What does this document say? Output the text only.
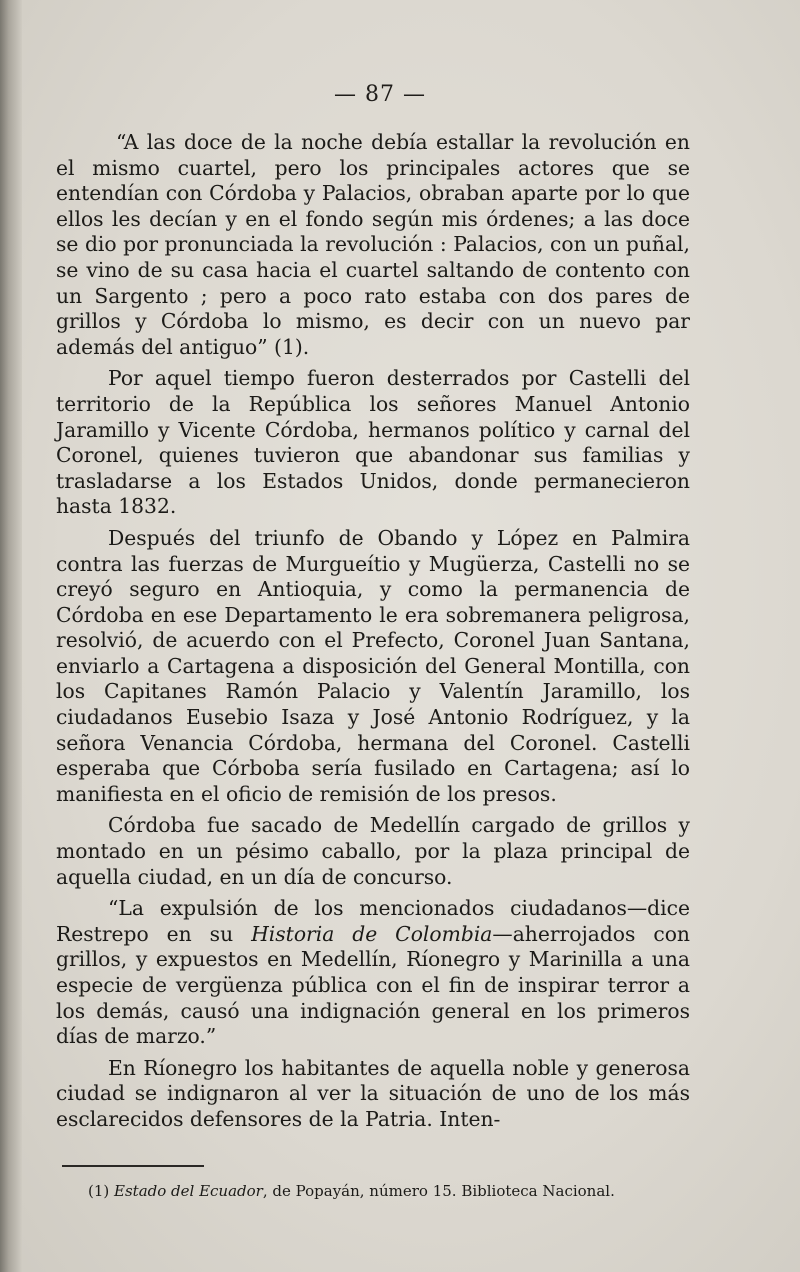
— 87 —

“A las doce de la noche debía estallar la revolución en el mismo cuartel, pero los principales actores que se entendían con Córdoba y Palacios, obraban aparte por lo que ellos les decían y en el fondo según mis órdenes; a las doce se dio por pronunciada la revolución : Palacios, con un puñal, se vino de su casa hacia el cuartel saltando de contento con un Sargento ; pero a poco rato estaba con dos pares de grillos y Córdoba lo mismo, es decir con un nuevo par además del antiguo” (1).

Por aquel tiempo fueron desterrados por Castelli del territorio de la República los señores Manuel Antonio Jaramillo y Vicente Córdoba, hermanos político y carnal del Coronel, quienes tuvieron que abandonar sus familias y trasladarse a los Estados Unidos, donde permanecieron hasta 1832.

Después del triunfo de Obando y López en Palmira contra las fuerzas de Murgueítio y Mugüerza, Castelli no se creyó seguro en Antioquia, y como la permanencia de Córdoba en ese Departamento le era sobremanera peligrosa, resolvió, de acuerdo con el Prefecto, Coronel Juan Santana, enviarlo a Cartagena a disposición del General Montilla, con los Capitanes Ramón Palacio y Valentín Jaramillo, los ciudadanos Eusebio Isaza y José Antonio Rodríguez, y la señora Venancia Córdoba, hermana del Coronel. Castelli esperaba que Córboba sería fusilado en Cartagena; así lo manifiesta en el oficio de remisión de los presos.

Córdoba fue sacado de Medellín cargado de grillos y montado en un pésimo caballo, por la plaza principal de aquella ciudad, en un día de concurso.

“La expulsión de los mencionados ciudadanos—dice Restrepo en su Historia de Colombia—aherrojados con grillos, y expuestos en Medellín, Ríonegro y Marinilla a una especie de vergüenza pública con el fin de inspirar terror a los demás, causó una indignación general en los primeros días de marzo.”

En Ríonegro los habitantes de aquella noble y generosa ciudad se indignaron al ver la situación de uno de los más esclarecidos defensores de la Patria. Inten-

(1) Estado del Ecuador, de Popayán, número 15. Biblioteca Nacional.
